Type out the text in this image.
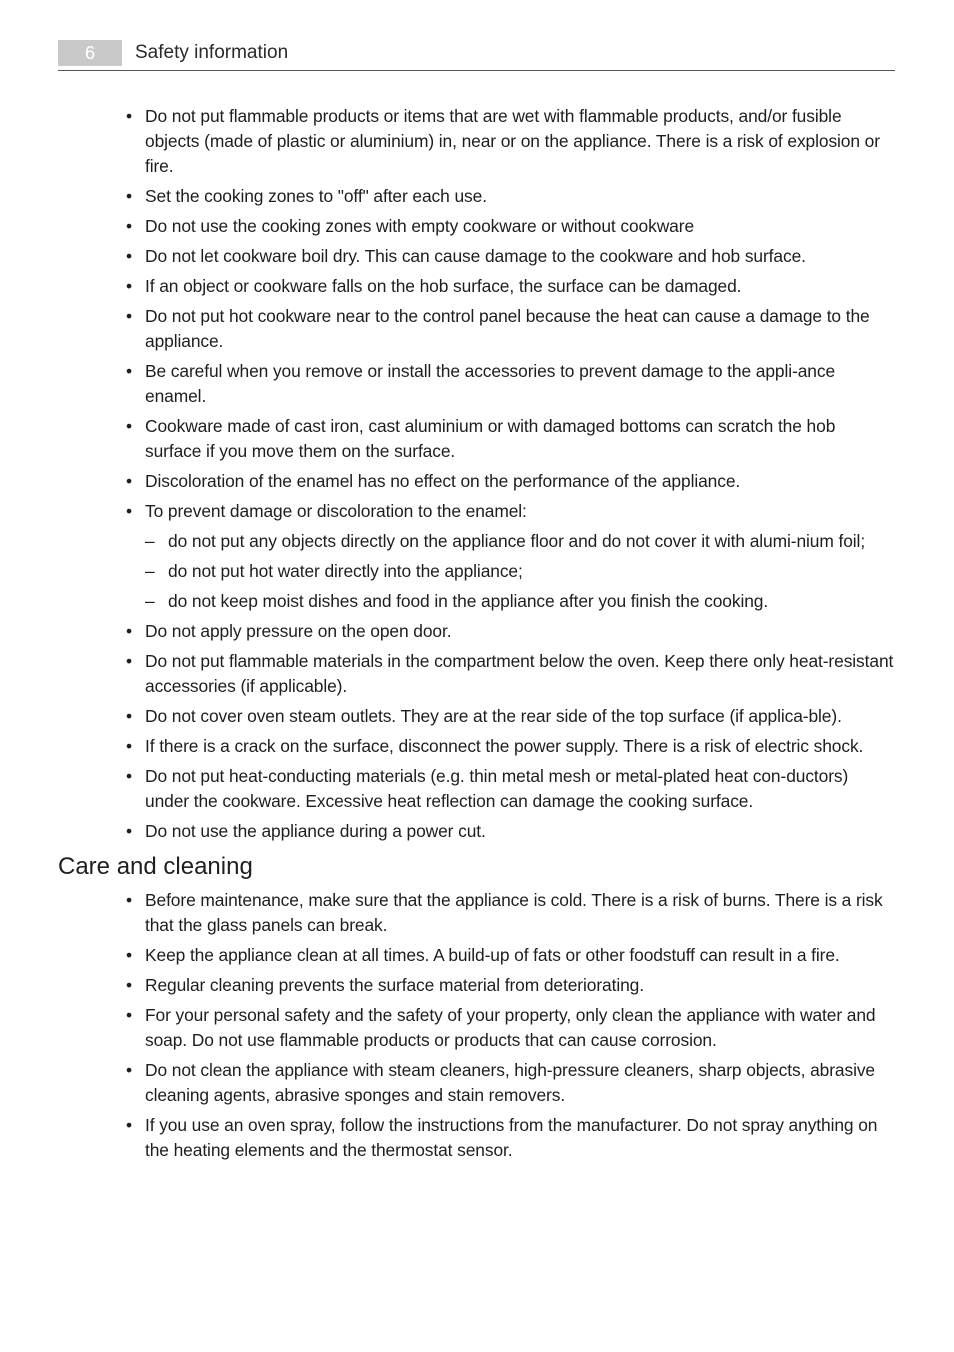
6	Safety information
• Do not put flammable products or items that are wet with flammable products, and/or fusible objects (made of plastic or aluminium) in, near or on the appliance. There is a risk of explosion or fire.
• Set the cooking zones to "off" after each use.
• Do not use the cooking zones with empty cookware or without cookware
• Do not let cookware boil dry. This can cause damage to the cookware and hob surface.
• If an object or cookware falls on the hob surface, the surface can be damaged.
• Do not put hot cookware near to the control panel because the heat can cause a damage to the appliance.
• Be careful when you remove or install the accessories to prevent damage to the appli-ance enamel.
• Cookware made of cast iron, cast aluminium or with damaged bottoms can scratch the hob surface if you move them on the surface.
• Discoloration of the enamel has no effect on the performance of the appliance.
• To prevent damage or discoloration to the enamel:
– do not put any objects directly on the appliance floor and do not cover it with alumi-nium foil;
– do not put hot water directly into the appliance;
– do not keep moist dishes and food in the appliance after you finish the cooking.
• Do not apply pressure on the open door.
• Do not put flammable materials in the compartment below the oven. Keep there only heat-resistant accessories (if applicable).
• Do not cover oven steam outlets. They are at the rear side of the top surface (if applica-ble).
• If there is a crack on the surface, disconnect the power supply. There is a risk of electric shock.
• Do not put heat-conducting materials (e.g. thin metal mesh or metal-plated heat con-ductors) under the cookware. Excessive heat reflection can damage the cooking surface.
• Do not use the appliance during a power cut.
Care and cleaning
• Before maintenance, make sure that the appliance is cold. There is a risk of burns. There is a risk that the glass panels can break.
• Keep the appliance clean at all times. A build-up of fats or other foodstuff can result in a fire.
• Regular cleaning prevents the surface material from deteriorating.
• For your personal safety and the safety of your property, only clean the appliance with water and soap. Do not use flammable products or products that can cause corrosion.
• Do not clean the appliance with steam cleaners, high-pressure cleaners, sharp objects, abrasive cleaning agents, abrasive sponges and stain removers.
• If you use an oven spray, follow the instructions from the manufacturer. Do not spray anything on the heating elements and the thermostat sensor.
